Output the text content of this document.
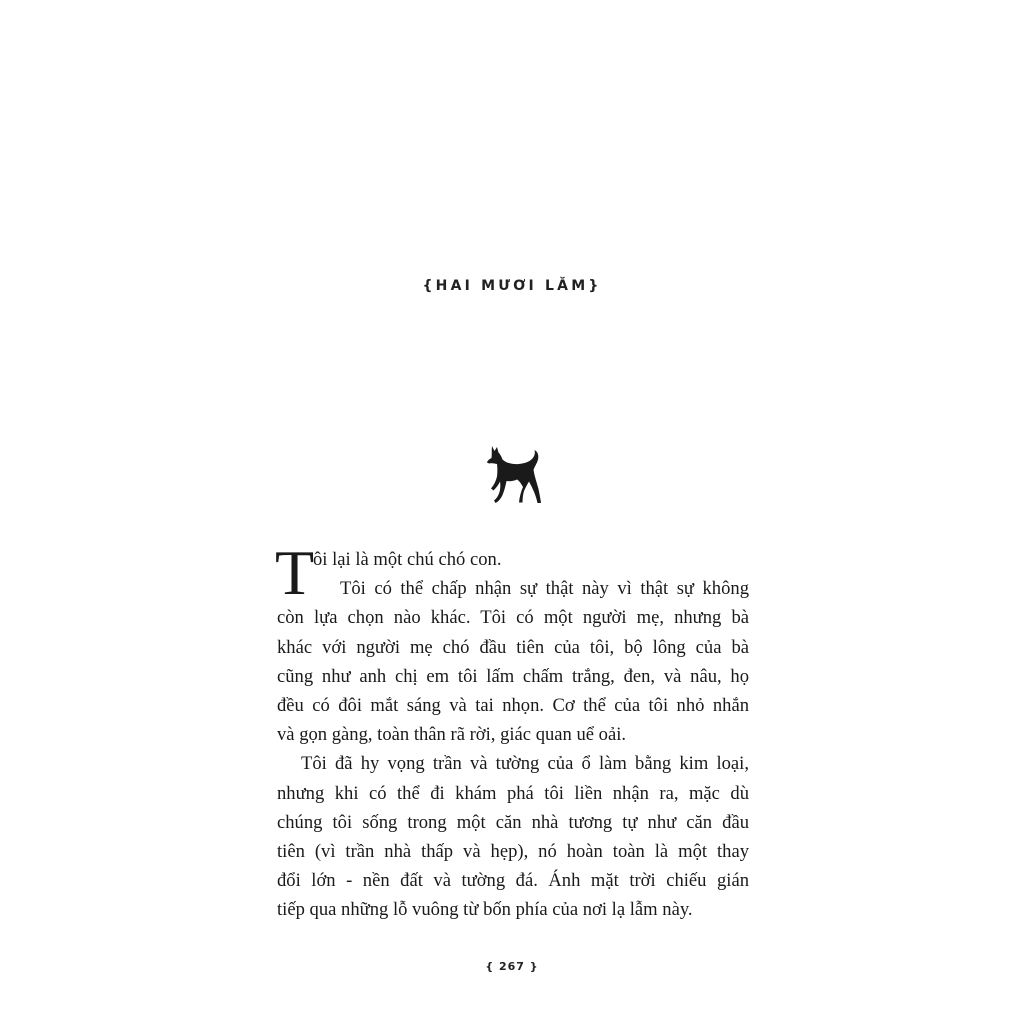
{HAI MƯƠI LĂM}
T
ôi lại là một chú chó con.
Tôi có thể chấp nhận sự thật này vì thật sự không
còn lựa chọn nào khác. Tôi có một người mẹ, nhưng bà
khác với người mẹ chó đầu tiên của tôi, bộ lông của bà
cũng như anh chị em tôi lấm chấm trắng, đen, và nâu, họ
đều có đôi mắt sáng và tai nhọn. Cơ thể của tôi nhỏ nhắn
và gọn gàng, toàn thân rã rời, giác quan uể oải.
Tôi đã hy vọng trần và tường của ổ làm bằng kim loại,
nhưng khi có thể đi khám phá tôi liền nhận ra, mặc dù
chúng tôi sống trong một căn nhà tương tự như căn đầu
tiên (vì trần nhà thấp và hẹp), nó hoàn toàn là một thay
đổi lớn - nền đất và tường đá. Ánh mặt trời chiếu gián
tiếp qua những lỗ vuông từ bốn phía của nơi lạ lẫm này.
{ 267 }
